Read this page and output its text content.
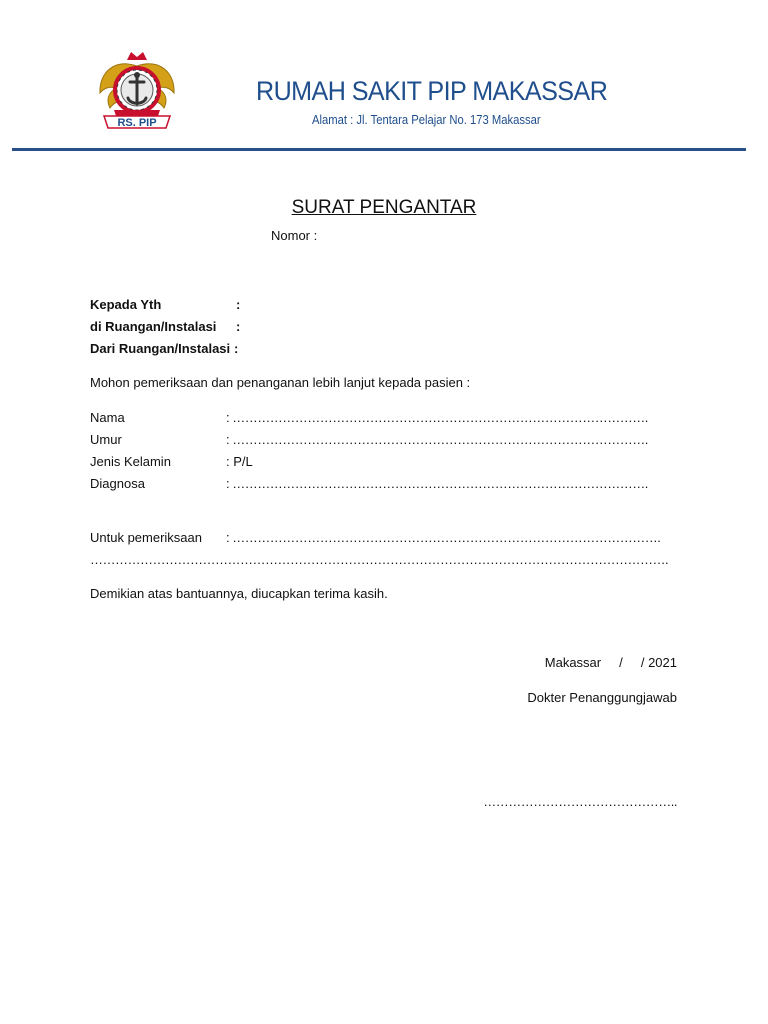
RS. PIP
RUMAH SAKIT PIP MAKASSAR
Alamat : Jl. Tentara Pelajar No. 173 Makassar
SURAT PENGANTAR
Nomor :
Kepada Yth	:
di Ruangan/Instalasi :
Dari Ruangan/Instalasi :
Mohon pemeriksaan dan penanganan lebih lanjut kepada pasien :
Nama	: ……………………………………………………………………………………….
Umur	: ……………………………………………………………………………………….
Jenis Kelamin	: P/L
Diagnosa	: ……………………………………………………………………………………….
Untuk pemeriksaan : ………………………………………………………………………………………….
………………………………………………………………………………………………………………………….
Demikian atas bantuannya, diucapkan terima kasih.
Makassar     /     / 2021
Dokter Penanggungjawab
………………………………………..
